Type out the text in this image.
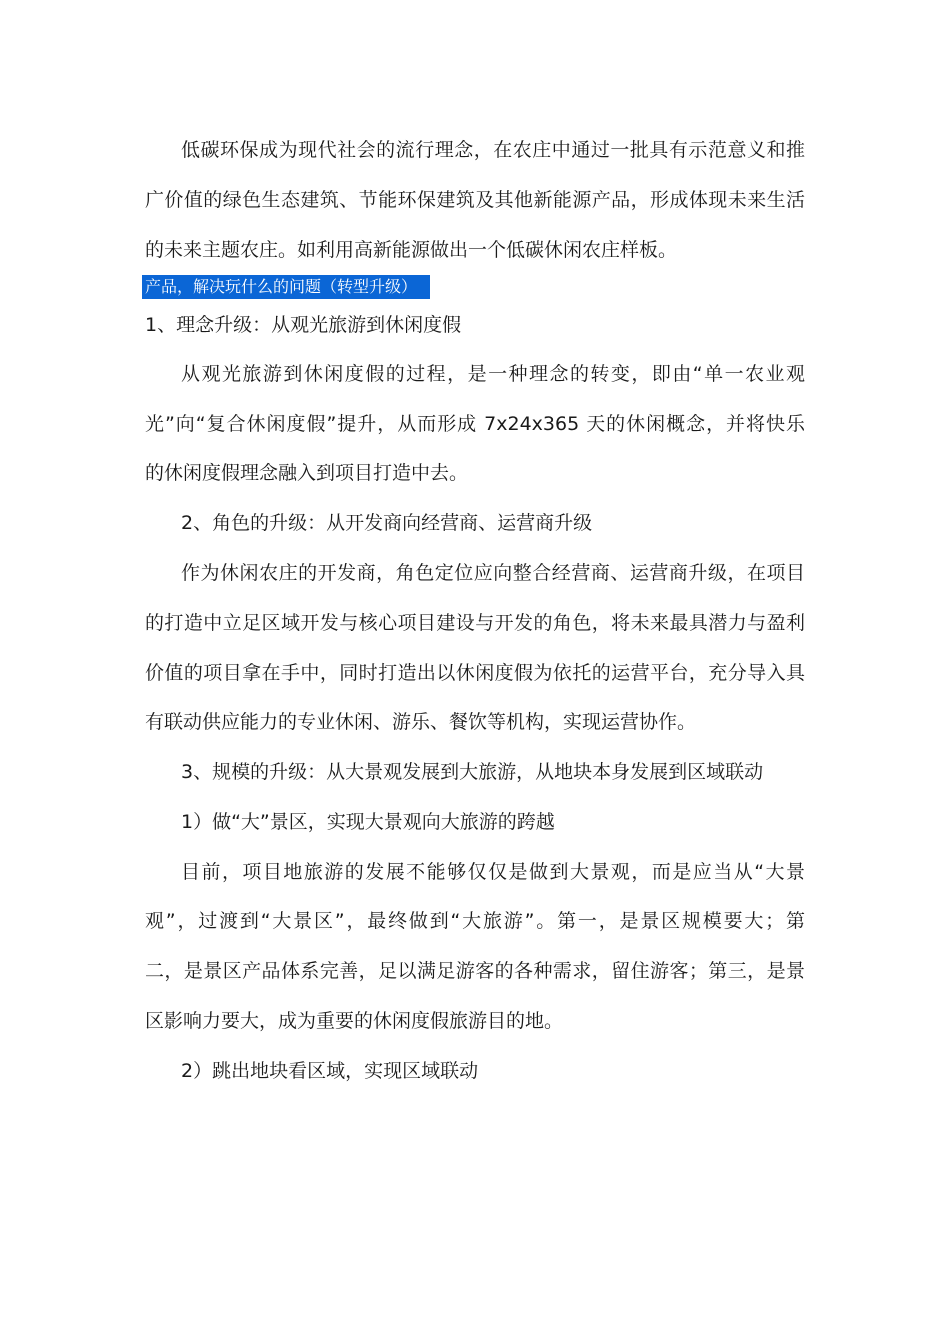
低碳环保成为现代社会的流行理念，在农庄中通过一批具有示范意义和推
广价值的绿色生态建筑、节能环保建筑及其他新能源产品，形成体现未来生活
的未来主题农庄。如利用高新能源做出一个低碳休闲农庄样板。
产品，解决玩什么的问题（转型升级）
1、理念升级：从观光旅游到休闲度假
从观光旅游到休闲度假的过程，是一种理念的转变，即由“单一农业观
光”向“复合休闲度假”提升，从而形成 7x24x365 天的休闲概念，并将快乐
的休闲度假理念融入到项目打造中去。
2、角色的升级：从开发商向经营商、运营商升级
作为休闲农庄的开发商，角色定位应向整合经营商、运营商升级，在项目
的打造中立足区域开发与核心项目建设与开发的角色，将未来最具潜力与盈利
价值的项目拿在手中，同时打造出以休闲度假为依托的运营平台，充分导入具
有联动供应能力的专业休闲、游乐、餐饮等机构，实现运营协作。
3、规模的升级：从大景观发展到大旅游，从地块本身发展到区域联动
1）做“大”景区，实现大景观向大旅游的跨越
目前，项目地旅游的发展不能够仅仅是做到大景观，而是应当从“大景
观”，过渡到“大景区”，最终做到“大旅游”。第一，是景区规模要大；第
二，是景区产品体系完善，足以满足游客的各种需求，留住游客；第三，是景
区影响力要大，成为重要的休闲度假旅游目的地。
2）跳出地块看区域，实现区域联动
